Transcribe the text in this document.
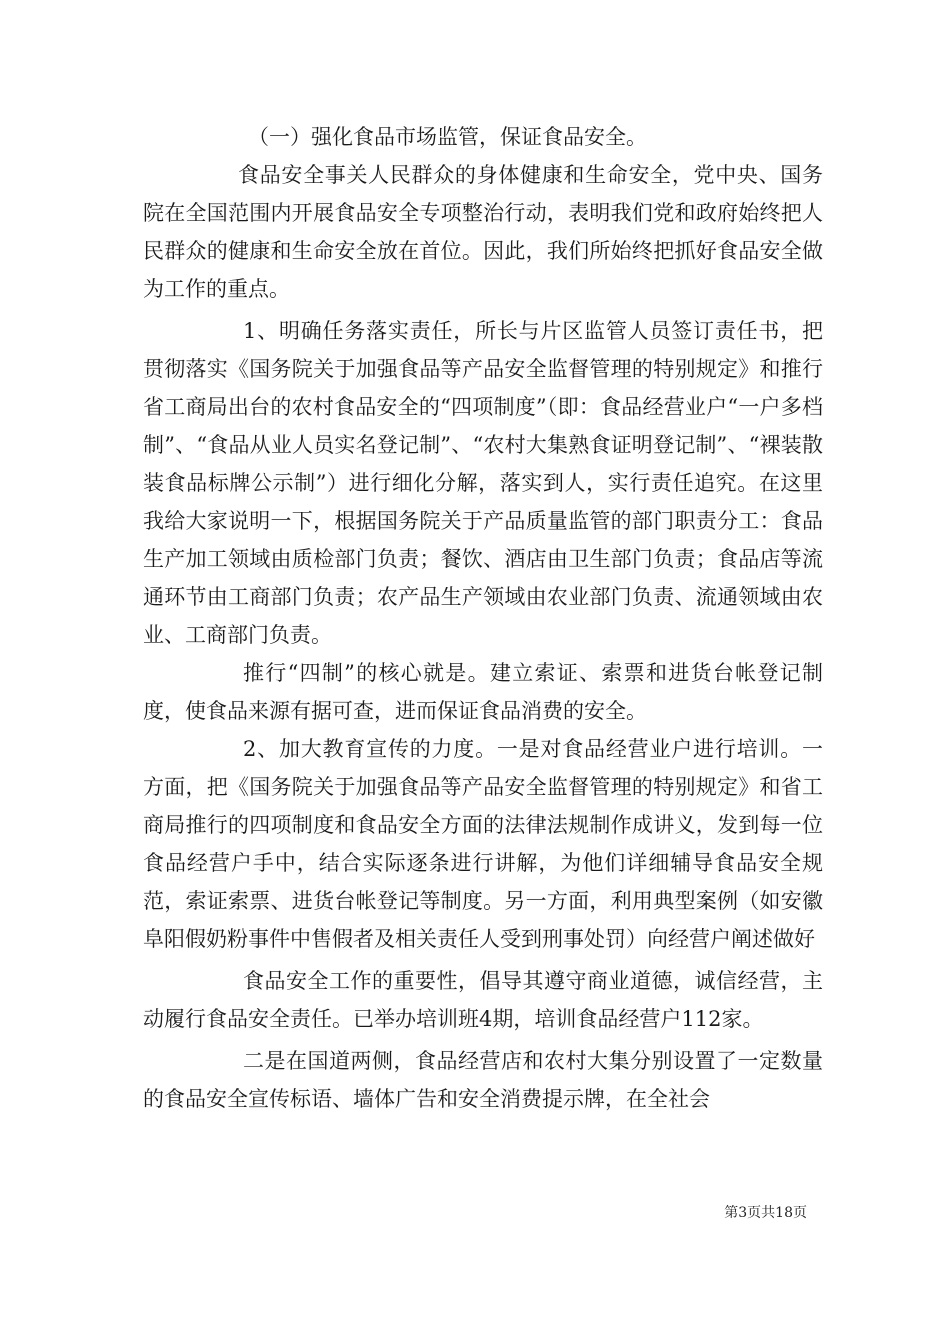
（一）强化食品市场监管，保证食品安全。

食品安全事关人民群众的身体健康和生命安全，党中央、国务院在全国范围内开展食品安全专项整治行动，表明我们党和政府始终把人民群众的健康和生命安全放在首位。因此，我们所始终把抓好食品安全做为工作的重点。

1、明确任务落实责任，所长与片区监管人员签订责任书，把贯彻落实《国务院关于加强食品等产品安全监督管理的特别规定》和推行省工商局出台的农村食品安全的“四项制度”（即：食品经营业户“一户多档制”、“食品从业人员实名登记制”、“农村大集熟食证明登记制”、“裸装散装食品标牌公示制”）进行细化分解，落实到人，实行责任追究。在这里我给大家说明一下，根据国务院关于产品质量监管的部门职责分工：食品生产加工领域由质检部门负责；餐饮、酒店由卫生部门负责；食品店等流通环节由工商部门负责；农产品生产领域由农业部门负责、流通领域由农业、工商部门负责。

推行“四制”的核心就是。建立索证、索票和进货台帐登记制度，使食品来源有据可查，进而保证食品消费的安全。

2、加大教育宣传的力度。一是对食品经营业户进行培训。一方面，把《国务院关于加强食品等产品安全监督管理的特别规定》和省工商局推行的四项制度和食品安全方面的法律法规制作成讲义，发到每一位食品经营户手中，结合实际逐条进行讲解，为他们详细辅导食品安全规范，索证索票、进货台帐登记等制度。另一方面，利用典型案例（如安徽阜阳假奶粉事件中售假者及相关责任人受到刑事处罚）向经营户阐述做好

食品安全工作的重要性，倡导其遵守商业道德，诚信经营，主动履行食品安全责任。已举办培训班4期，培训食品经营户112家。

二是在国道两侧，食品经营店和农村大集分别设置了一定数量的食品安全宣传标语、墙体广告和安全消费提示牌，在全社会

第3页共18页
